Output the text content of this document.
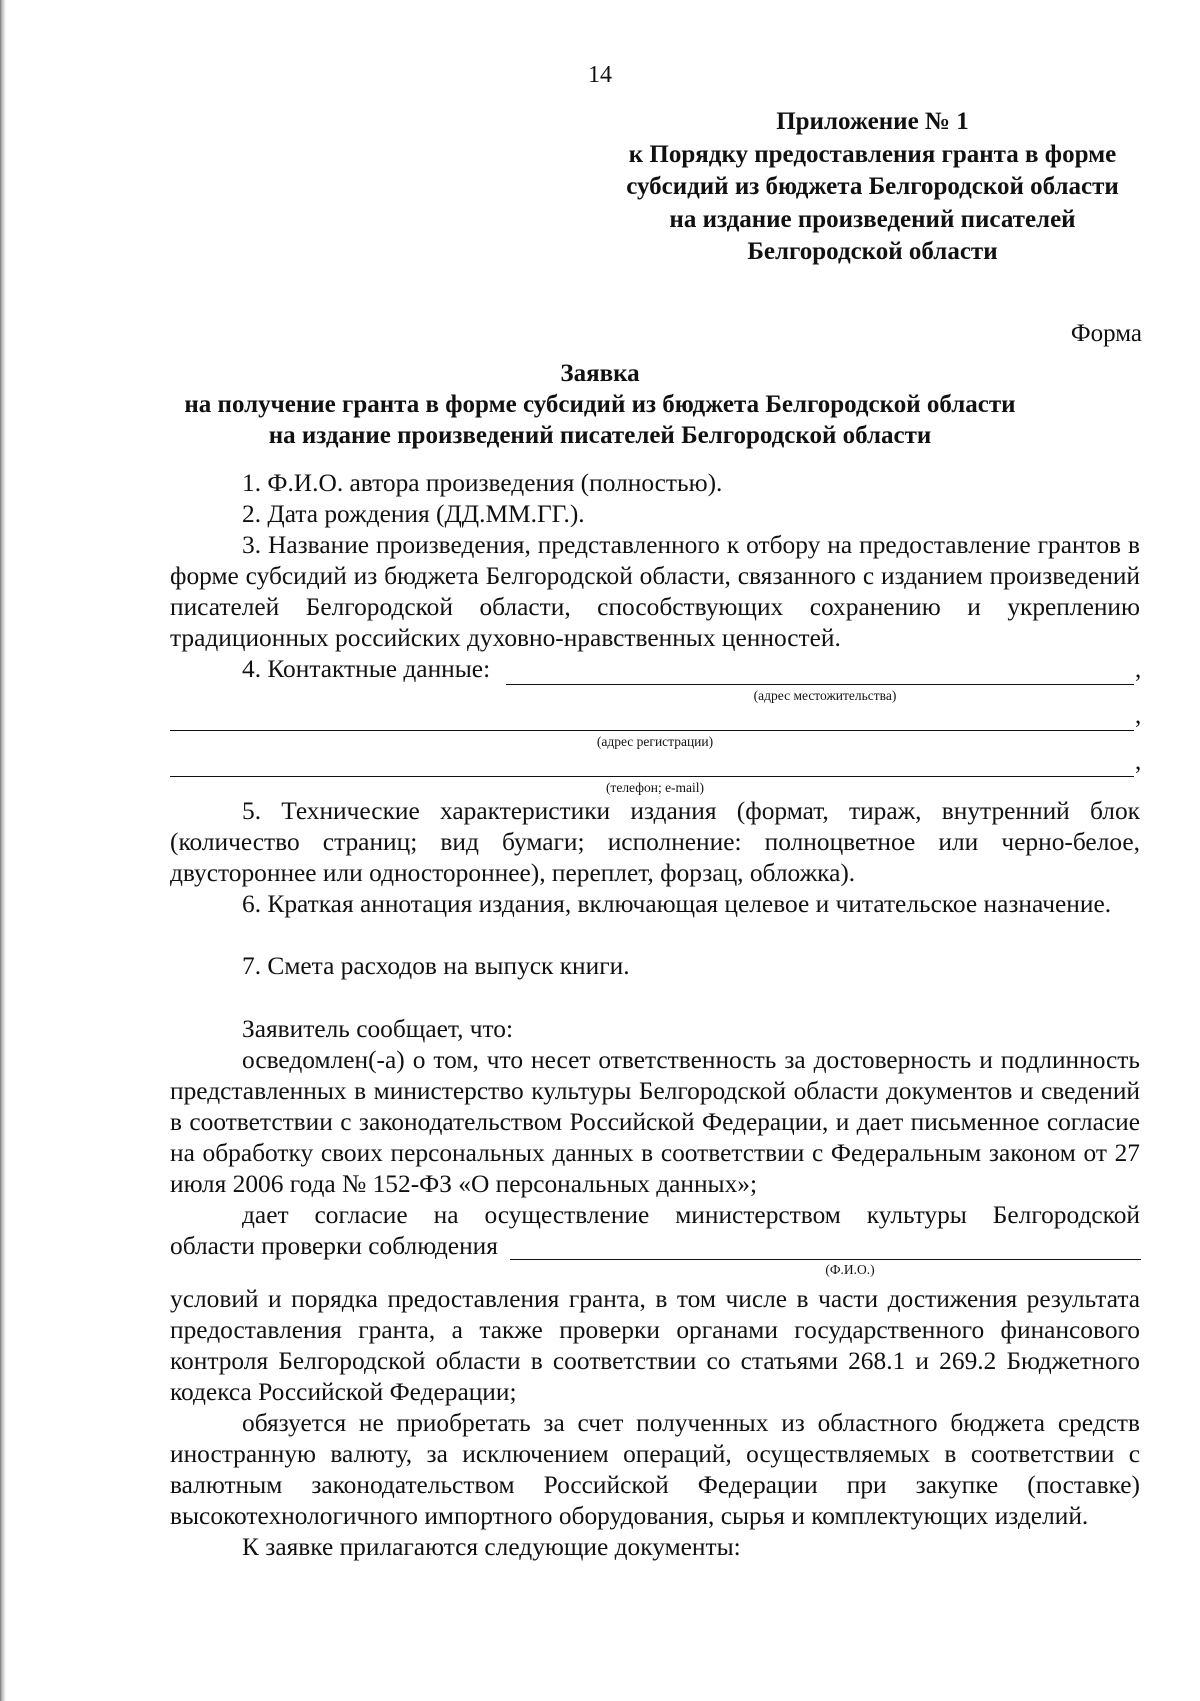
14
Приложение № 1
к Порядку предоставления гранта в форме
субсидий из бюджета Белгородской области
на издание произведений писателей
Белгородской области
Форма
Заявка
на получение гранта в форме субсидий из бюджета Белгородской области
на издание произведений писателей Белгородской области
1. Ф.И.О. автора произведения (полностью).
2. Дата рождения (ДД.ММ.ГГ.).
3. Название произведения, представленного к отбору на предоставление грантов в форме субсидий из бюджета Белгородской области, связанного с изданием произведений писателей Белгородской области, способствующих сохранению и укреплению традиционных российских духовно-нравственных ценностей.
4. Контактные данные:	,
(адрес местожительства)
,
(адрес регистрации)
,
(телефон; e-mail)
5. Технические характеристики издания (формат, тираж, внутренний блок (количество страниц; вид бумаги; исполнение: полноцветное или черно-белое, двустороннее или одностороннее), переплет, форзац, обложка).
6. Краткая аннотация издания, включающая целевое и читательское назначение.
7. Смета расходов на выпуск книги.
Заявитель сообщает, что:
осведомлен(-а) о том, что несет ответственность за достоверность и подлинность представленных в министерство культуры Белгородской области документов и сведений в соответствии с законодательством Российской Федерации, и дает письменное согласие на обработку своих персональных данных в соответствии с Федеральным законом от 27 июля 2006 года № 152-ФЗ «О персональных данных»;
дает согласие на осуществление министерством культуры Белгородской
области проверки соблюдения
(Ф.И.О.)
условий и порядка предоставления гранта, в том числе в части достижения результата предоставления гранта, а также проверки органами государственного финансового контроля Белгородской области в соответствии со статьями 268.1 и 269.2 Бюджетного кодекса Российской Федерации;
обязуется не приобретать за счет полученных из областного бюджета средств иностранную валюту, за исключением операций, осуществляемых в соответствии с валютным законодательством Российской Федерации при закупке (поставке) высокотехнологичного импортного оборудования, сырья и комплектующих изделий.
К заявке прилагаются следующие документы:
